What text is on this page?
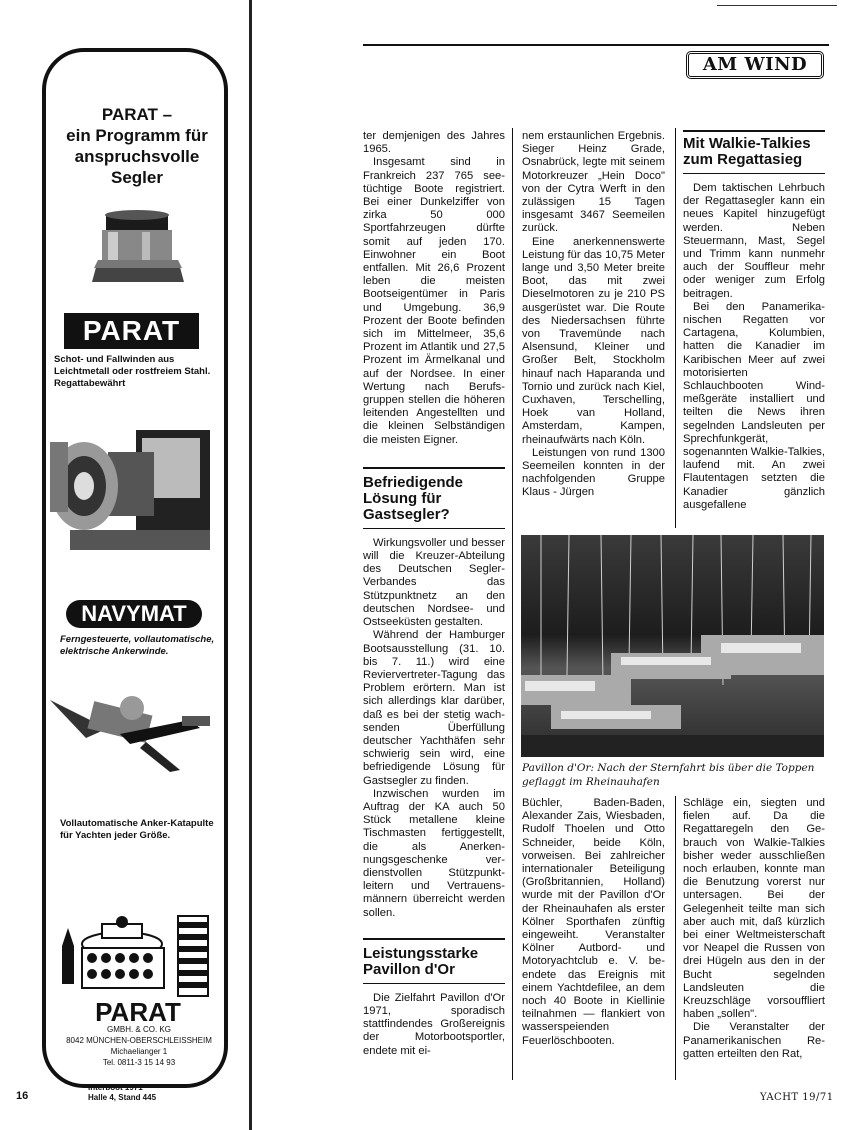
PARAT –
ein Programm für
anspruchsvolle
Segler
PARAT
Schot- und Fallwinden aus Leichtmetall oder rostfreiem Stahl. Regattabewährt
NAVYMAT
Ferngesteuerte, vollautomatische, elektrische Ankerwinde.
Vollautomatische Anker-Katapulte für Yachten jeder Größe.
PARAT
GMBH. & CO. KG
8042 MÜNCHEN-OBERSCHLEISSHEIM
Michaelianger 1
Tel. 0811-3 15 14 93
Interboot 1971
Halle 4, Stand 445
16
AM WIND

ter demjenigen des Jahres 1965.

Insgesamt sind in Frankreich 237 765 seetüchtige Boote registriert. Bei einer Dunkelziffer von zirka 50 000 Sportfahrzeugen dürfte somit auf jeden 170. Einwohner ein Boot entfallen. Mit 26,6 Prozent leben die meisten Bootseigentümer in Paris und Umgebung. 36,9 Prozent der Boote befinden sich im Mittelmeer, 35,6 Prozent im Atlantik und 27,5 Prozent im Ärmelkanal und auf der Nordsee. In einer Wertung nach Berufsgruppen stellen die höheren leitenden Angestellten und die kleinen Selbständigen die meisten Eigner.

Befriedigende Lösung für Gastsegler?

Wirkungsvoller und besser will die Kreuzer-Abteilung des Deutschen Segler-Verbandes das Stützpunktnetz an den deutschen Nordsee- und Ostseeküsten gestalten.

Während der Hamburger Bootsausstellung (31. 10. bis 7. 11.) wird eine Reviervertreter-Tagung das Problem erörtern. Man ist sich allerdings klar darüber, daß es bei der stetig wachsenden Überfüllung deutscher Yachthäfen sehr schwierig sein wird, eine befriedigende Lösung für Gastsegler zu finden.

Inzwischen wurden im Auftrag der KA auch 50 Stück metallene kleine Tischmasten fertiggestellt, die als Anerkennungsgeschenke verdienstvollen Stützpunktleitern und Vertrauensmännern überreicht werden sollen.

Leistungsstarke Pavillon d'Or

Die Zielfahrt Pavillon d'Or 1971, sporadisch stattfindendes Großereignis der Motorbootsportler, endete mit ei-

nem erstaunlichen Ergebnis. Sieger Heinz Grade, Osnabrück, legte mit seinem Motorkreuzer „Hein Doco" von der Cytra Werft in den zulässigen 15 Tagen insgesamt 3467 Seemeilen zurück.

Eine anerkennenswerte Leistung für das 10,75 Meter lange und 3,50 Meter breite Boot, das mit zwei Dieselmotoren zu je 210 PS ausgerüstet war. Die Route des Niedersachsen führte von Travemünde nach Alsensund, Kleiner und Großer Belt, Stockholm hinauf nach Haparanda und Tornio und zurück nach Kiel, Cuxhaven, Terschelling, Hoek van Holland, Amsterdam, Kampen, rheinaufwärts nach Köln.

Leistungen von rund 1300 Seemeilen konnten in der nachfolgenden Gruppe Klaus - Jürgen

Mit Walkie-Talkies zum Regattasieg

Dem taktischen Lehrbuch der Regattasegler kann ein neues Kapitel hinzugefügt werden. Neben Steuermann, Mast, Segel und Trimm kann nunmehr auch der Souffleur mehr oder weniger zum Erfolg beitragen.

Bei den Panamerikanischen Regatten vor Cartagena, Kolumbien, hatten die Kanadier im Karibischen Meer auf zwei motorisierten Schlauchbooten Windmeßgeräte installiert und teilten die News ihren segelnden Landsleuten per Sprechfunkgerät, sogenannten Walkie-Talkies, laufend mit. An zwei Flautentagen setzten die Kanadier gänzlich ausgefallene

Pavillon d'Or: Nach der Sternfahrt bis über die Toppen geflaggt im Rheinauhafen

Büchler, Baden-Baden, Alexander Zais, Wiesbaden, Rudolf Thoelen und Otto Schneider, beide Köln, vorweisen. Bei zahlreicher internationaler Beteiligung (Großbritannien, Holland) wurde mit der Pavillon d'Or der Rheinauhafen als erster Kölner Sporthafen zünftig eingeweiht. Veranstalter Kölner Autbord- und Motoryachtclub e. V. beendete das Ereignis mit einem Yachtdefilee, an dem noch 40 Boote in Kiellinie teilnahmen — flankiert von wasserspeienden Feuerlöschbooten.

Schläge ein, siegten und fielen auf. Da die Regattaregeln den Gebrauch von Walkie-Talkies bisher weder ausschließen noch erlauben, konnte man die Benutzung vorerst nur untersagen. Bei der Gelegenheit teilte man sich aber auch mit, daß kürzlich bei einer Weltmeisterschaft vor Neapel die Russen von drei Hügeln aus den in der Bucht segelnden Landsleuten die Kreuzschläge vorsouffliert haben „sollen".

Die Veranstalter der Panamerikanischen Regatten erteilten den Rat,

YACHT 19/71
